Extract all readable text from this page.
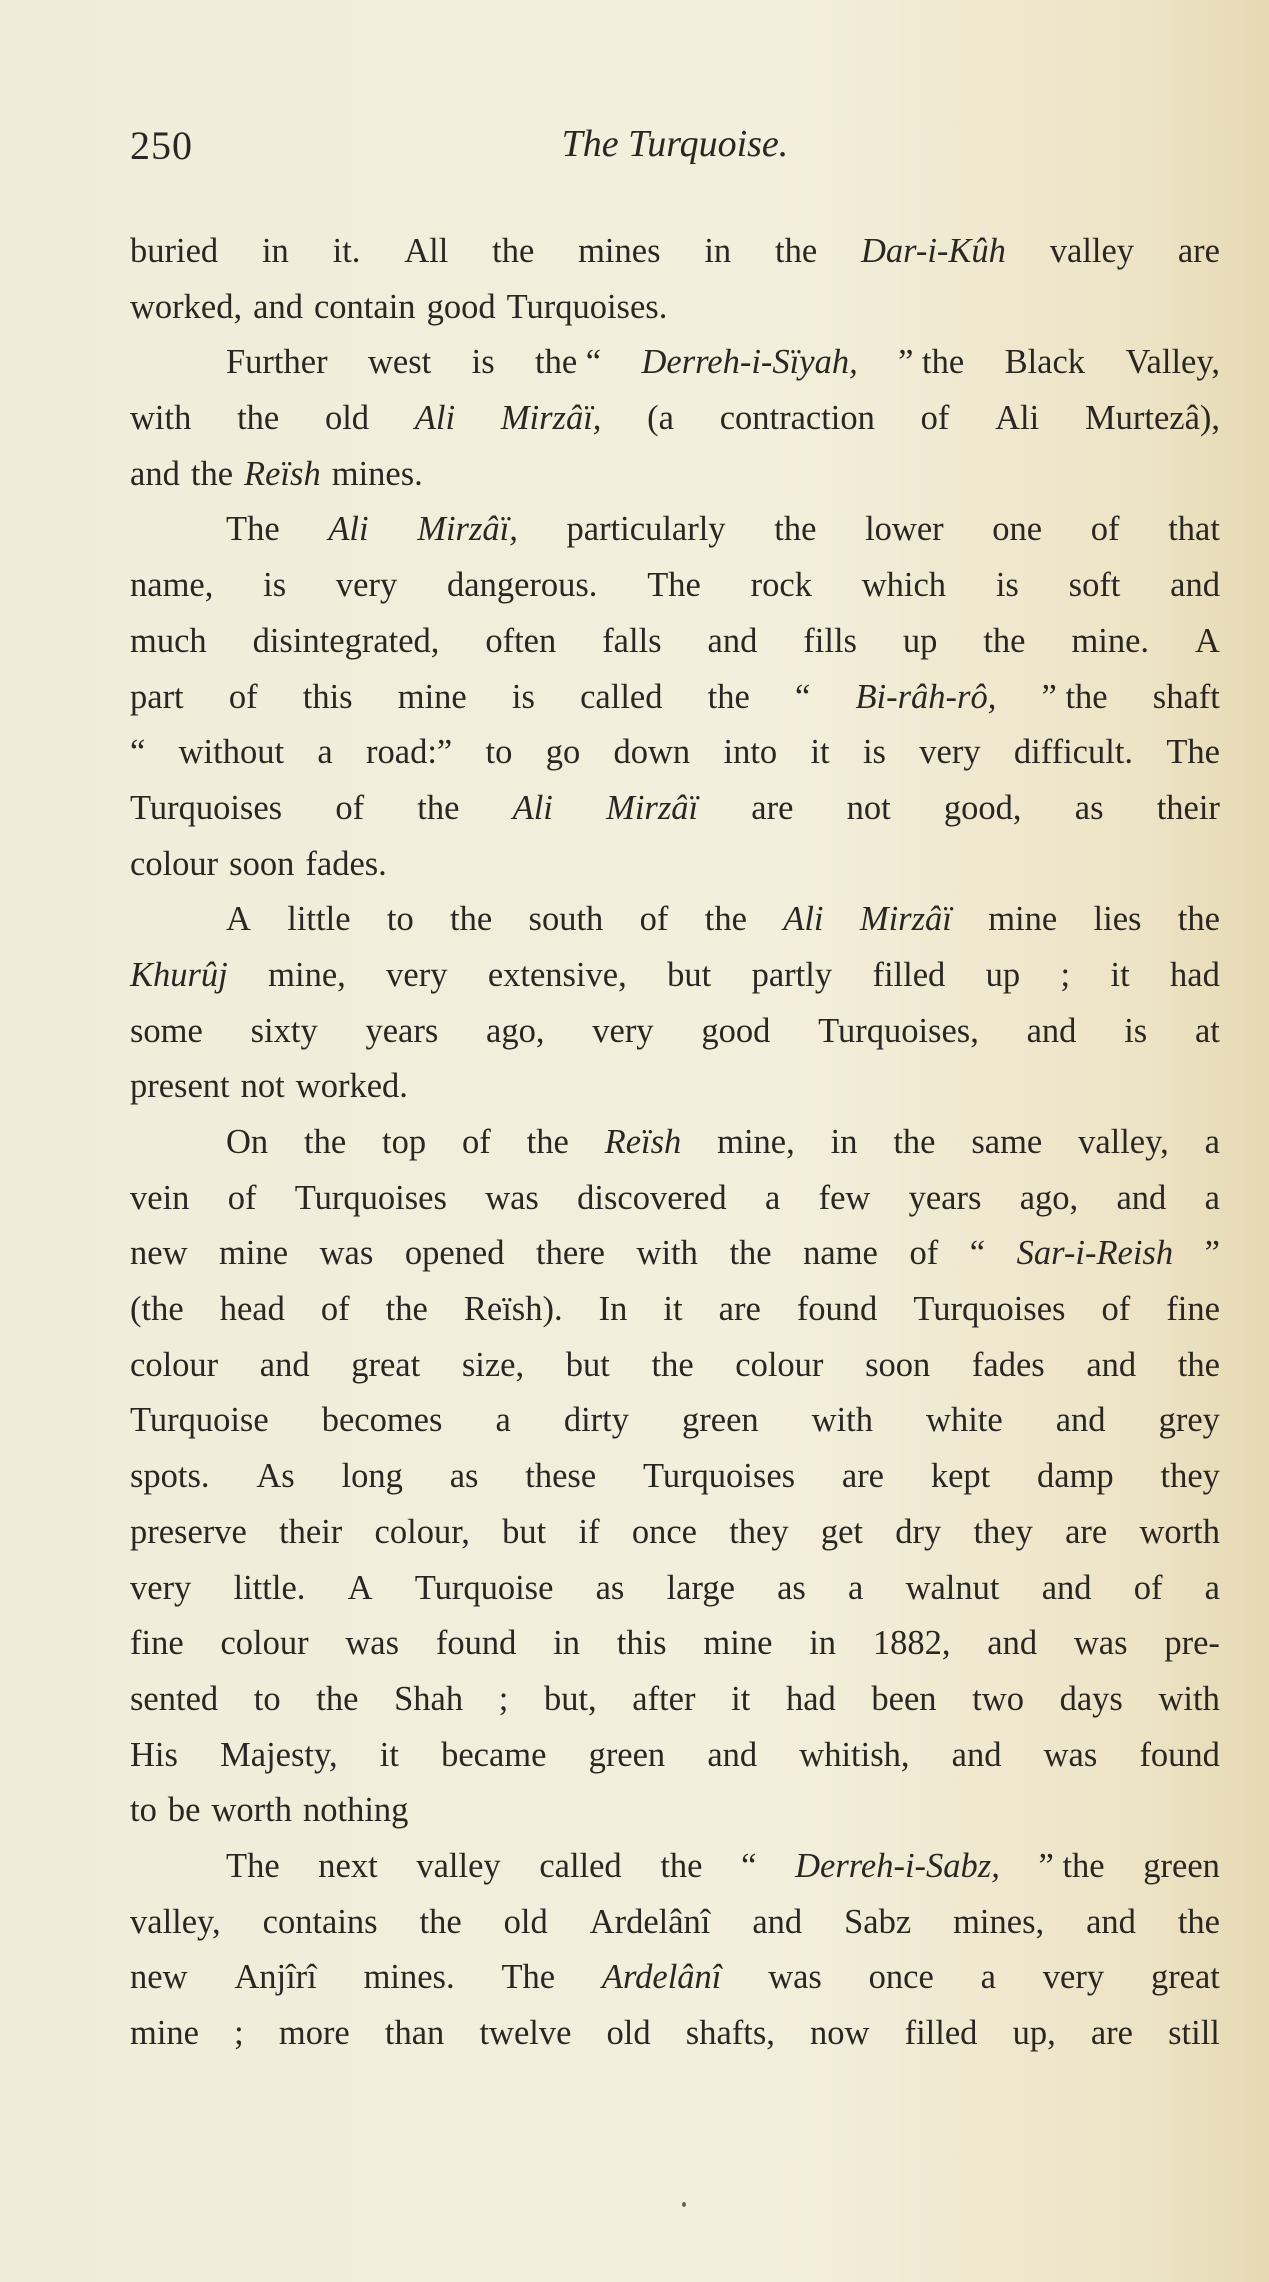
250	The Turquoise.
buried in it. All the mines in the Dar-i-Kûh valley are
worked, and contain good Turquoises.
Further west is the “ Derreh-i-Sïyah, ” the Black Valley,
with the old Ali Mirzâï, (a contraction of Ali Murtezâ),
and the Reïsh mines.
The Ali Mirzâï, particularly the lower one of that
name, is very dangerous. The rock which is soft and
much disintegrated, often falls and fills up the mine. A
part of this mine is called the “ Bi-râh-rô, ” the shaft
“ without a road:” to go down into it is very difficult. The
Turquoises of the Ali Mirzâï are not good, as their
colour soon fades.
A little to the south of the Ali Mirzâï mine lies the
Khurûj mine, very extensive, but partly filled up ; it had
some sixty years ago, very good Turquoises, and is at
present not worked.
On the top of the Reïsh mine, in the same valley, a
vein of Turquoises was discovered a few years ago, and a
new mine was opened there with the name of “ Sar-i-Reish ”
(the head of the Reïsh). In it are found Turquoises of fine
colour and great size, but the colour soon fades and the
Turquoise becomes a dirty green with white and grey
spots. As long as these Turquoises are kept damp they
preserve their colour, but if once they get dry they are worth
very little. A Turquoise as large as a walnut and of a
fine colour was found in this mine in 1882, and was pre-
sented to the Shah ; but, after it had been two days with
His Majesty, it became green and whitish, and was found
to be worth nothing
The next valley called the “ Derreh-i-Sabz, ” the green
valley, contains the old Ardelânî and Sabz mines, and the
new Anjîrî mines. The Ardelânî was once a very great
mine ; more than twelve old shafts, now filled up, are still
